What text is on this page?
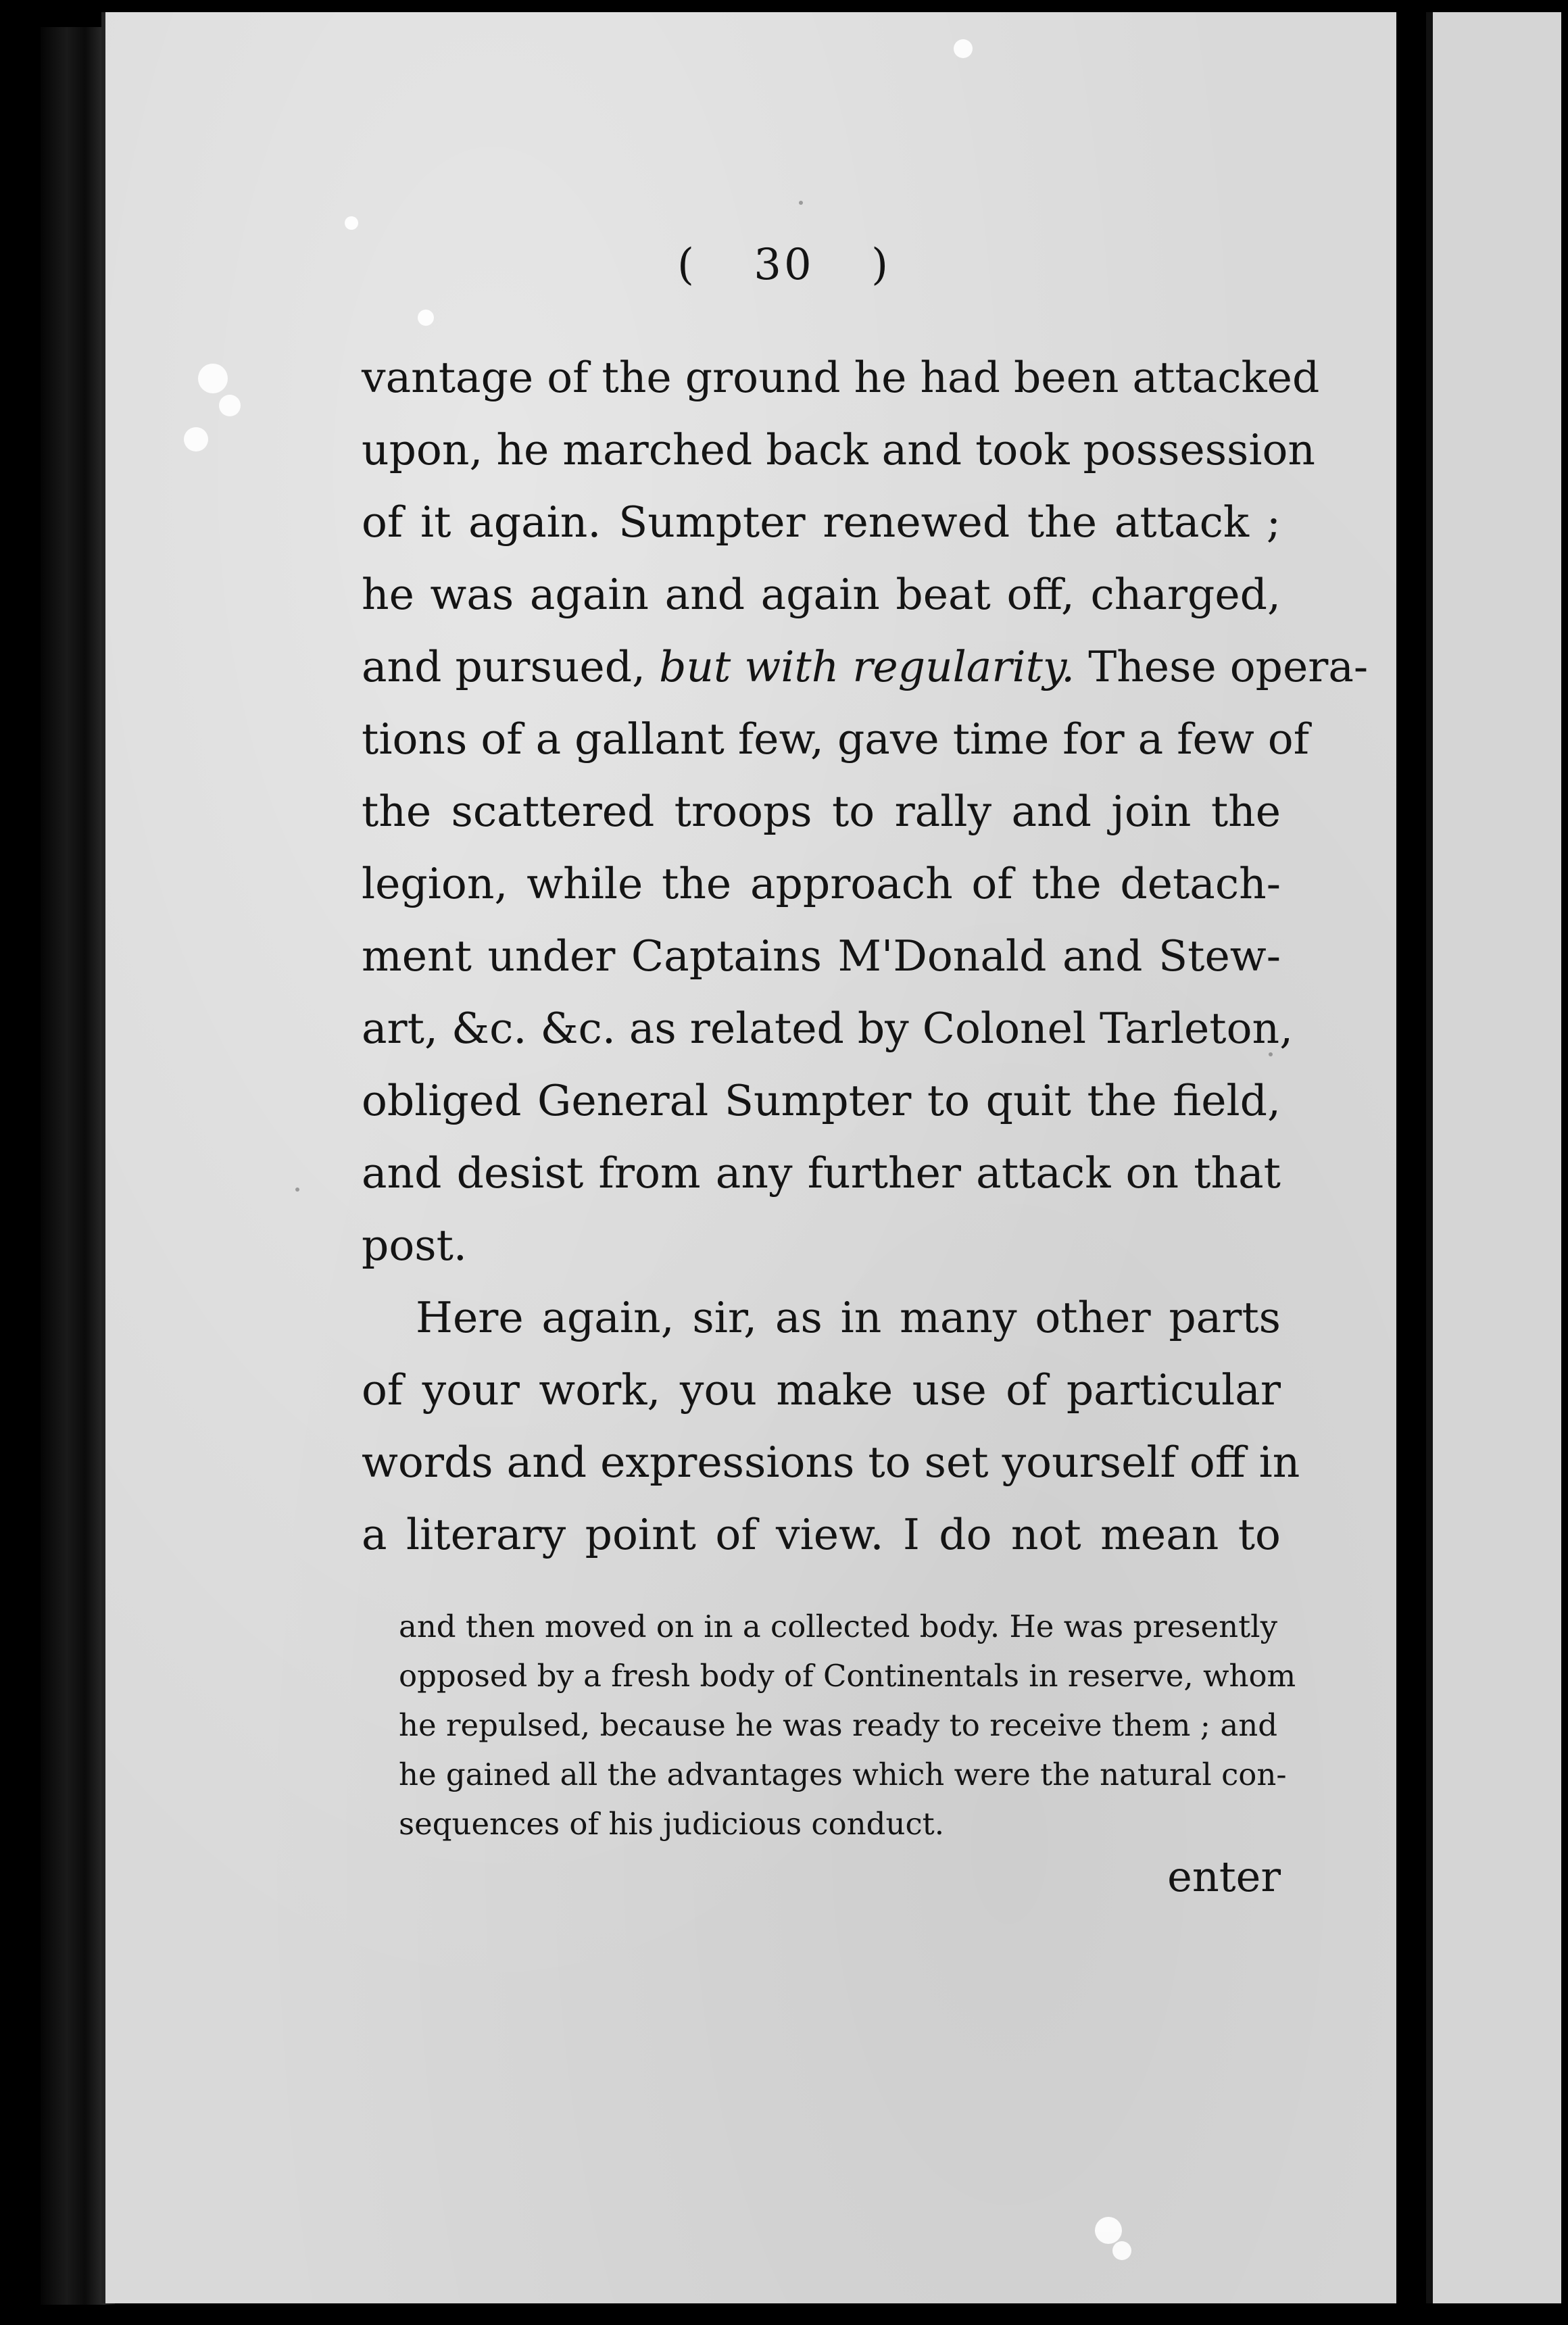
( 30 )
vantage of the ground he had been attacked
upon, he marched back and took possession
of it again. Sumpter renewed the attack ;
he was again and again beat off, charged,
and pursued, but with regularity. These opera-
tions of a gallant few, gave time for a few of
the scattered troops to rally and join the
legion, while the approach of the detach-
ment under Captains M'Donald and Stew-
art, &c. &c. as related by Colonel Tarleton,
obliged General Sumpter to quit the field,
and desist from any further attack on that
post.
Here again, sir, as in many other parts
of your work, you make use of particular
words and expressions to set yourself off in
a literary point of view. I do not mean to
and then moved on in a collected body. He was presently
opposed by a fresh body of Continentals in reserve, whom
he repulsed, because he was ready to receive them ; and
he gained all the advantages which were the natural con-
sequences of his judicious conduct.
enter
